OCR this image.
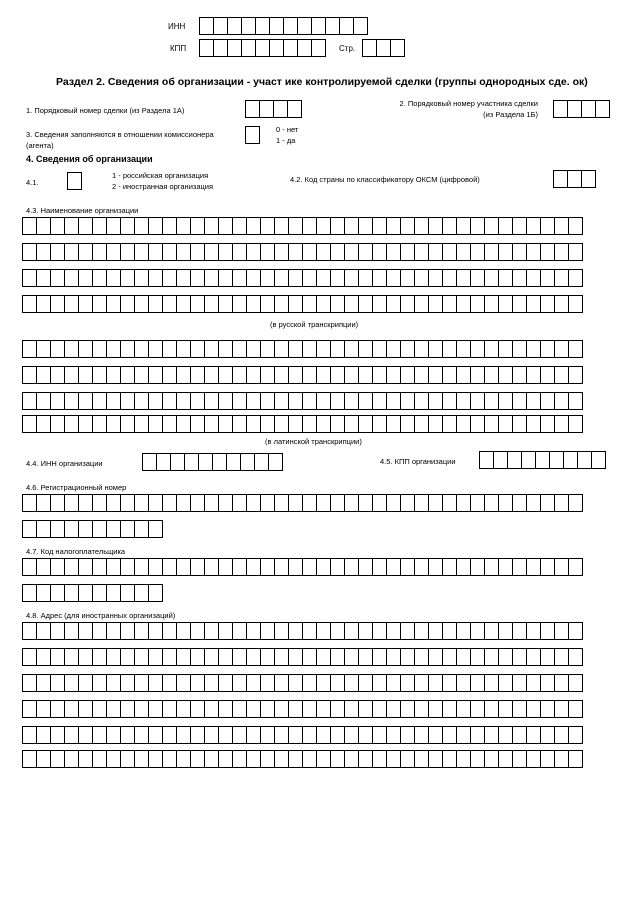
ИНН
КПП	Стр.
Раздел 2. Сведения об организации - участ ике контролируемой сделки (группы однородных сде. ок)
1. Порядковый номер сделки (из Раздела 1А)
2. Порядковый номер участника сделки
(из Раздела 1Б)
3. Сведения заполняются в отношении комиссионера
(агента)
0 - нет
1 - да
4. Сведения об организации
4.1.
1 - российская организация
2 - иностранная организация
4.2. Код страны по классификатору ОКСМ (цифровой)
4.3. Наименование организации
(в русской транскрипции)
(в латинской транскрипции)
4.4. ИНН организации	4.5. КПП организации
4.6. Регистрационный номер
4.7. Код налогоплательщика
4.8. Адрес (для иностранных организаций)
